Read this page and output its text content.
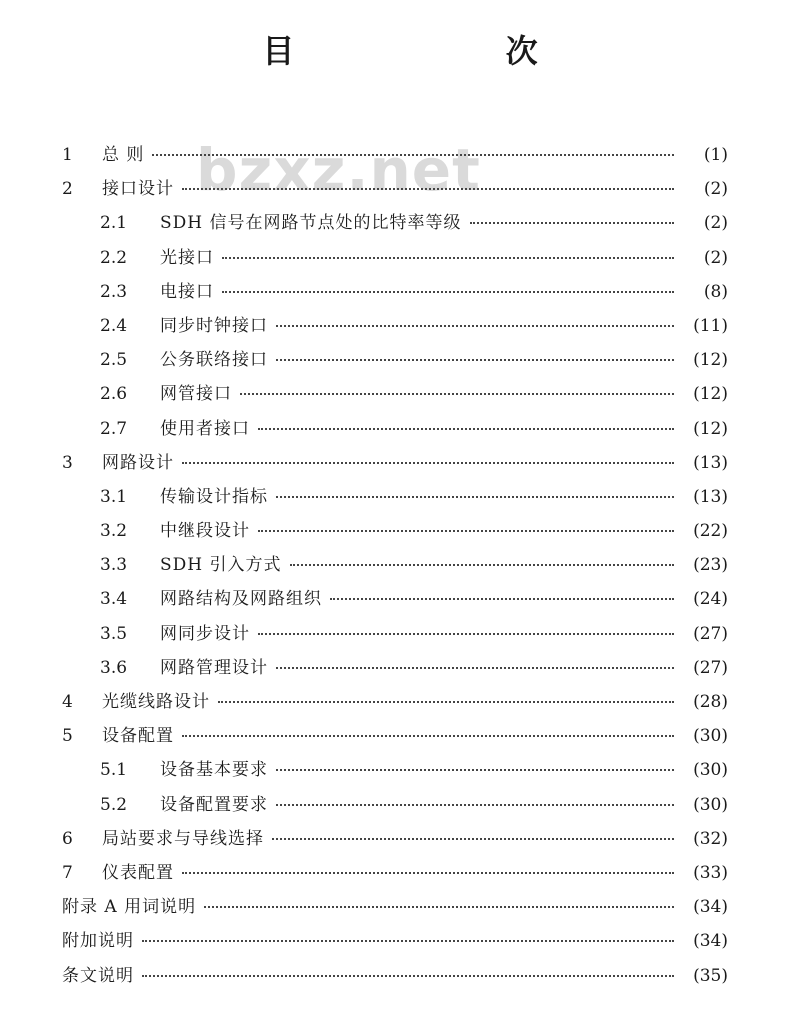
目 次
bzxz.net
1	总 则	(1)
2	接口设计	(2)
2.1	SDH 信号在网路节点处的比特率等级	(2)
2.2	光接口	(2)
2.3	电接口	(8)
2.4	同步时钟接口	(11)
2.5	公务联络接口	(12)
2.6	网管接口	(12)
2.7	使用者接口	(12)
3	网路设计	(13)
3.1	传输设计指标	(13)
3.2	中继段设计	(22)
3.3	SDH 引入方式	(23)
3.4	网路结构及网路组织	(24)
3.5	网同步设计	(27)
3.6	网路管理设计	(27)
4	光缆线路设计	(28)
5	设备配置	(30)
5.1	设备基本要求	(30)
5.2	设备配置要求	(30)
6	局站要求与导线选择	(32)
7	仪表配置	(33)
附录 A 用词说明	(34)
附加说明	(34)
条文说明	(35)
